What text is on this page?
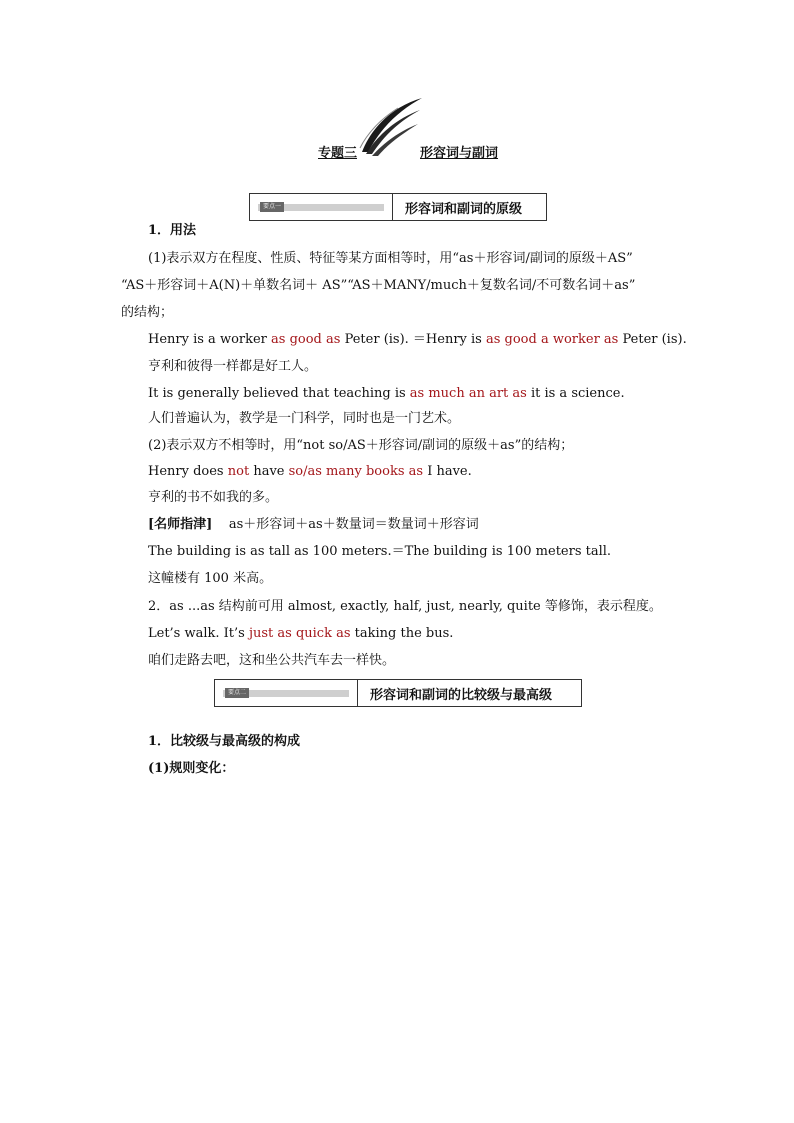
专题三	形容词与副词
要点一	形容词和副词的原级
1．用法
(1)表示双方在程度、性质、特征等某方面相等时，用“as＋形容词/副词的原级＋AS”
“AS＋形容词＋A(N)＋单数名词＋ AS”“AS＋MANY/much＋复数名词/不可数名词＋as”
的结构；
Henry is a worker as good as Peter (is). ＝Henry is as good a worker as Peter (is).
亨利和彼得一样都是好工人。
It is generally believed that teaching is as much an art as it is a science.
人们普遍认为，教学是一门科学，同时也是一门艺术。
(2)表示双方不相等时，用“not so/AS＋形容词/副词的原级＋as”的结构；
Henry does not have so/as many books as I have.
亨利的书不如我的多。
[名师指津] as＋形容词＋as＋数量词＝数量词＋形容词
The building is as tall as 100 meters.＝The building is 100 meters tall.
这幢楼有 100 米高。
2．as ...as 结构前可用 almost, exactly, half, just, nearly, quite 等修饰，表示程度。
Let’s walk. It’s just as quick as taking the bus.
咱们走路去吧，这和坐公共汽车去一样快。
要点二	形容词和副词的比较级与最高级
1．比较级与最高级的构成
(1)规则变化：
